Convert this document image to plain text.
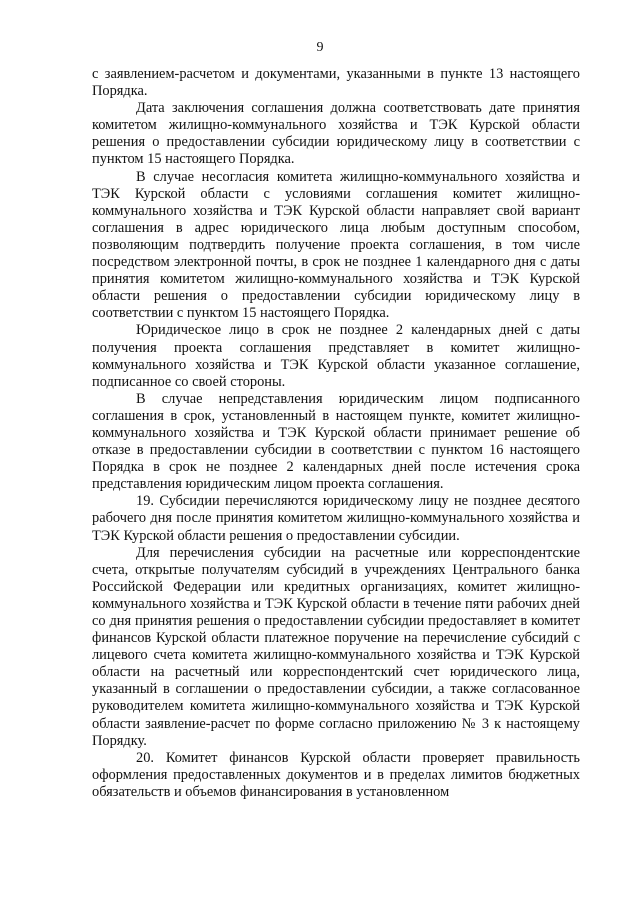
9

с заявлением-расчетом и документами, указанными в пункте 13 настоящего Порядка.

Дата заключения соглашения должна соответствовать дате принятия комитетом жилищно-коммунального хозяйства и ТЭК Курской области решения о предоставлении субсидии юридическому лицу в соответствии с пунктом 15 настоящего Порядка.

В случае несогласия комитета жилищно-коммунального хозяйства и ТЭК Курской области с условиями соглашения комитет жилищно-коммунального хозяйства и ТЭК Курской области направляет свой вариант соглашения в адрес юридического лица любым доступным способом, позволяющим подтвердить получение проекта соглашения, в том числе посредством электронной почты, в срок не позднее 1 календарного дня с даты принятия комитетом жилищно-коммунального хозяйства и ТЭК Курской области решения о предоставлении субсидии юридическому лицу в соответствии с пунктом 15 настоящего Порядка.

Юридическое лицо в срок не позднее 2 календарных дней с даты получения проекта соглашения представляет в комитет жилищно-коммунального хозяйства и ТЭК Курской области указанное соглашение, подписанное со своей стороны.

В случае непредставления юридическим лицом подписанного соглашения в срок, установленный в настоящем пункте, комитет жилищно-коммунального хозяйства и ТЭК Курской области принимает решение об отказе в предоставлении субсидии в соответствии с пунктом 16 настоящего Порядка в срок не позднее 2 календарных дней после истечения срока представления юридическим лицом проекта соглашения.

19. Субсидии перечисляются юридическому лицу не позднее десятого рабочего дня после принятия комитетом жилищно-коммунального хозяйства и ТЭК Курской области решения о предоставлении субсидии.

Для перечисления субсидии на расчетные или корреспондентские счета, открытые получателям субсидий в учреждениях Центрального банка Российской Федерации или кредитных организациях, комитет жилищно-коммунального хозяйства и ТЭК Курской области в течение пяти рабочих дней со дня принятия решения о предоставлении субсидии предоставляет в комитет финансов Курской области платежное поручение на перечисление субсидий с лицевого счета комитета жилищно-коммунального хозяйства и ТЭК Курской области на расчетный или корреспондентский счет юридического лица, указанный в соглашении о предоставлении субсидии, а также согласованное руководителем комитета жилищно-коммунального хозяйства и ТЭК Курской области заявление-расчет по форме согласно приложению № 3 к настоящему Порядку.

20. Комитет финансов Курской области проверяет правильность оформления предоставленных документов и в пределах лимитов бюджетных обязательств и объемов финансирования в установленном
